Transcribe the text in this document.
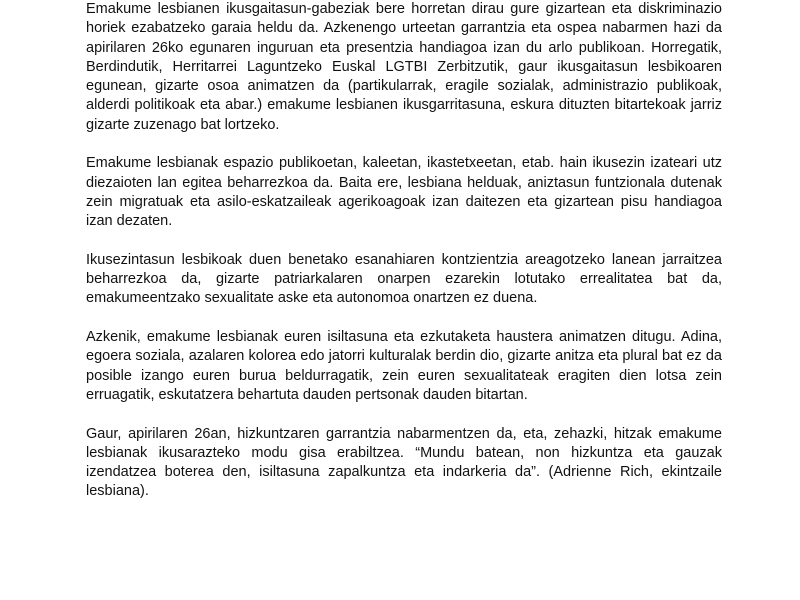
Emakume lesbianen ikusgaitasun-gabeziak bere horretan dirau gure gizartean eta diskriminazio horiek ezabatzeko garaia heldu da. Azkenengo urteetan garrantzia eta ospea nabarmen hazi da apirilaren 26ko egunaren inguruan eta presentzia handiagoa izan du arlo publikoan. Horregatik, Berdindutik, Herritarrei Laguntzeko Euskal LGTBI Zerbitzutik, gaur ikusgaitasun lesbikoaren egunean, gizarte osoa animatzen da (partikularrak, eragile sozialak, administrazio publikoak, alderdi politikoak eta abar.) emakume lesbianen ikusgarritasuna, eskura dituzten bitartekoak jarriz gizarte zuzenago bat lortzeko.

Emakume lesbianak espazio publikoetan, kaleetan, ikastetxeetan, etab. hain ikusezin izateari utz diezaioten lan egitea beharrezkoa da. Baita ere, lesbiana helduak, aniztasun funtzionala dutenak zein migratuak eta asilo-eskatzaileak agerikoagoak izan daitezen eta gizartean pisu handiagoa izan dezaten.

Ikusezintasun lesbikoak duen benetako esanahiaren kontzientzia areagotzeko lanean jarraitzea beharrezkoa da, gizarte patriarkalaren onarpen ezarekin lotutako errealitatea bat da, emakumeentzako sexualitate aske eta autonomoa onartzen ez duena.

Azkenik, emakume lesbianak euren isiltasuna eta ezkutaketa haustera animatzen ditugu. Adina, egoera soziala, azalaren kolorea edo jatorri kulturalak berdin dio, gizarte anitza eta plural bat ez da posible izango euren burua beldurragatik, zein euren sexualitateak eragiten dien lotsa zein erruagatik, eskutatzera behartuta dauden pertsonak dauden bitartan.

Gaur, apirilaren 26an, hizkuntzaren garrantzia nabarmentzen da, eta, zehazki, hitzak emakume lesbianak ikusarazteko modu gisa erabiltzea. “Mundu batean, non hizkuntza eta gauzak izendatzea boterea den, isiltasuna zapalkuntza eta indarkeria da”. (Adrienne Rich, ekintzaile lesbiana).
